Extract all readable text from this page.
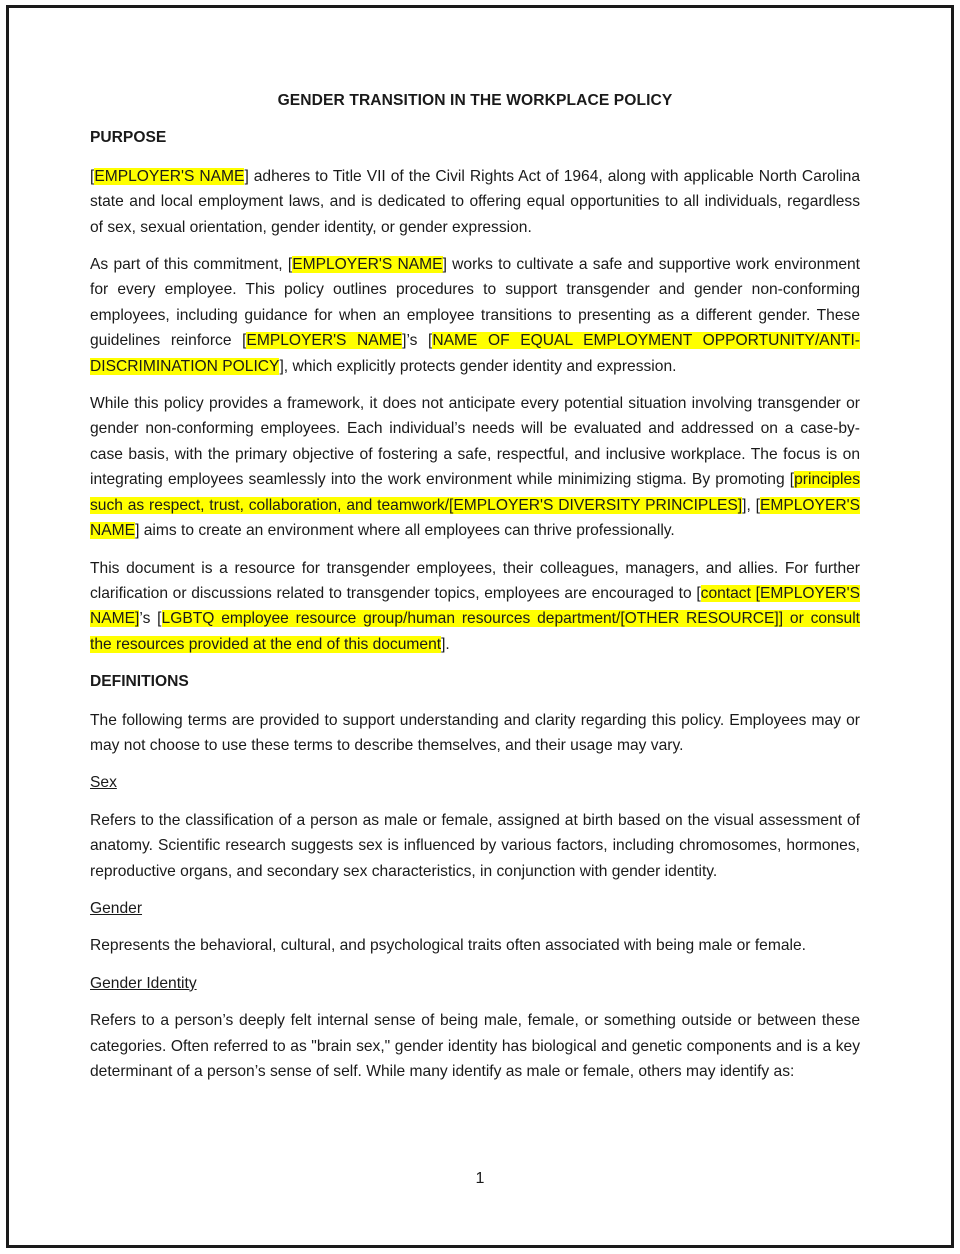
GENDER TRANSITION IN THE WORKPLACE POLICY
PURPOSE

[EMPLOYER'S NAME] adheres to Title VII of the Civil Rights Act of 1964, along with applicable North Carolina state and local employment laws, and is dedicated to offering equal opportunities to all individuals, regardless of sex, sexual orientation, gender identity, or gender expression.

As part of this commitment, [EMPLOYER'S NAME] works to cultivate a safe and supportive work environment for every employee. This policy outlines procedures to support transgender and gender non-conforming employees, including guidance for when an employee transitions to presenting as a different gender. These guidelines reinforce [EMPLOYER'S NAME]’s [NAME OF EQUAL EMPLOYMENT OPPORTUNITY/ANTI-DISCRIMINATION POLICY], which explicitly protects gender identity and expression.

While this policy provides a framework, it does not anticipate every potential situation involving transgender or gender non-conforming employees. Each individual’s needs will be evaluated and addressed on a case-by-case basis, with the primary objective of fostering a safe, respectful, and inclusive workplace. The focus is on integrating employees seamlessly into the work environment while minimizing stigma. By promoting [principles such as respect, trust, collaboration, and teamwork/[EMPLOYER'S DIVERSITY PRINCIPLES]], [EMPLOYER'S NAME] aims to create an environment where all employees can thrive professionally.

This document is a resource for transgender employees, their colleagues, managers, and allies. For further clarification or discussions related to transgender topics, employees are encouraged to [contact [EMPLOYER'S NAME]’s [LGBTQ employee resource group/human resources department/[OTHER RESOURCE]] or consult the resources provided at the end of this document].

DEFINITIONS

The following terms are provided to support understanding and clarity regarding this policy. Employees may or may not choose to use these terms to describe themselves, and their usage may vary.

Sex

Refers to the classification of a person as male or female, assigned at birth based on the visual assessment of anatomy. Scientific research suggests sex is influenced by various factors, including chromosomes, hormones, reproductive organs, and secondary sex characteristics, in conjunction with gender identity.

Gender

Represents the behavioral, cultural, and psychological traits often associated with being male or female.

Gender Identity

Refers to a person’s deeply felt internal sense of being male, female, or something outside or between these categories. Often referred to as "brain sex," gender identity has biological and genetic components and is a key determinant of a person’s sense of self. While many identify as male or female, others may identify as:

1
